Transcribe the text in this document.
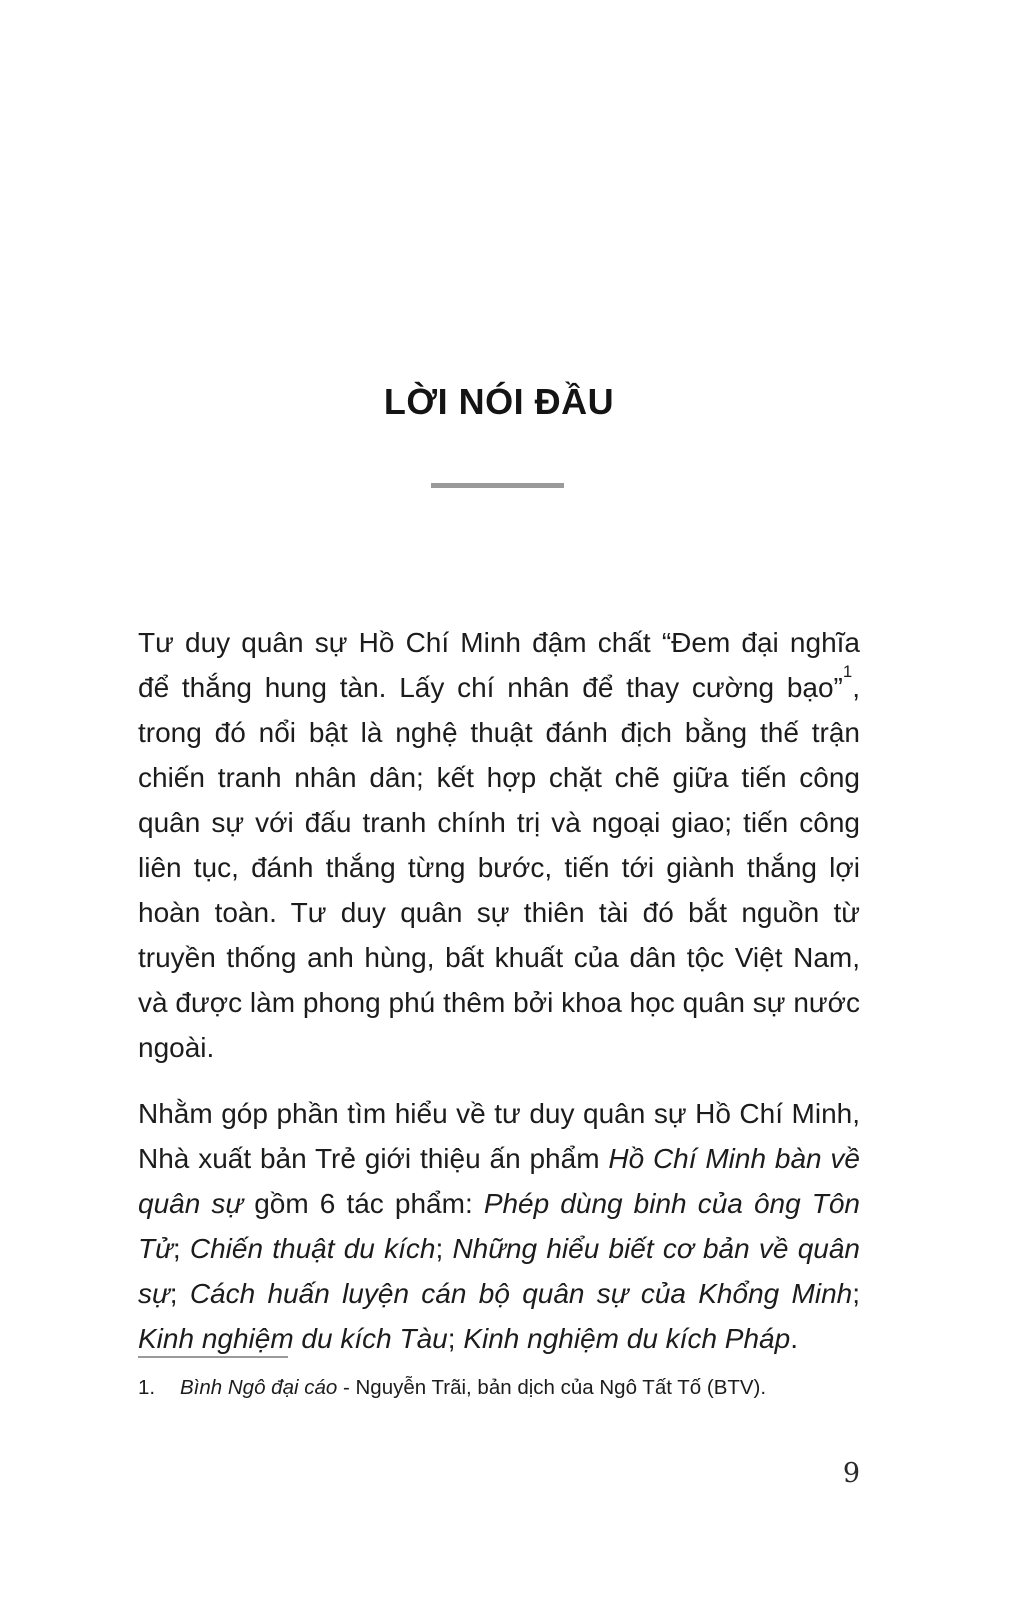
LỜI NÓI ĐẦU

Tư duy quân sự Hồ Chí Minh đậm chất “Đem đại nghĩa để thắng hung tàn. Lấy chí nhân để thay cường bạo”$^1$, trong đó nổi bật là nghệ thuật đánh địch bằng thế trận chiến tranh nhân dân; kết hợp chặt chẽ giữa tiến công quân sự với đấu tranh chính trị và ngoại giao; tiến công liên tục, đánh thắng từng bước, tiến tới giành thắng lợi hoàn toàn. Tư duy quân sự thiên tài đó bắt nguồn từ truyền thống anh hùng, bất khuất của dân tộc Việt Nam, và được làm phong phú thêm bởi khoa học quân sự nước ngoài.

Nhằm góp phần tìm hiểu về tư duy quân sự Hồ Chí Minh, Nhà xuất bản Trẻ giới thiệu ấn phẩm Hồ Chí Minh bàn về quân sự gồm 6 tác phẩm: Phép dùng binh của ông Tôn Tử; Chiến thuật du kích; Những hiểu biết cơ bản về quân sự; Cách huấn luyện cán bộ quân sự của Khổng Minh; Kinh nghiệm du kích Tàu; Kinh nghiệm du kích Pháp.

1.	Bình Ngô đại cáo - Nguyễn Trãi, bản dịch của Ngô Tất Tố (BTV).
9
